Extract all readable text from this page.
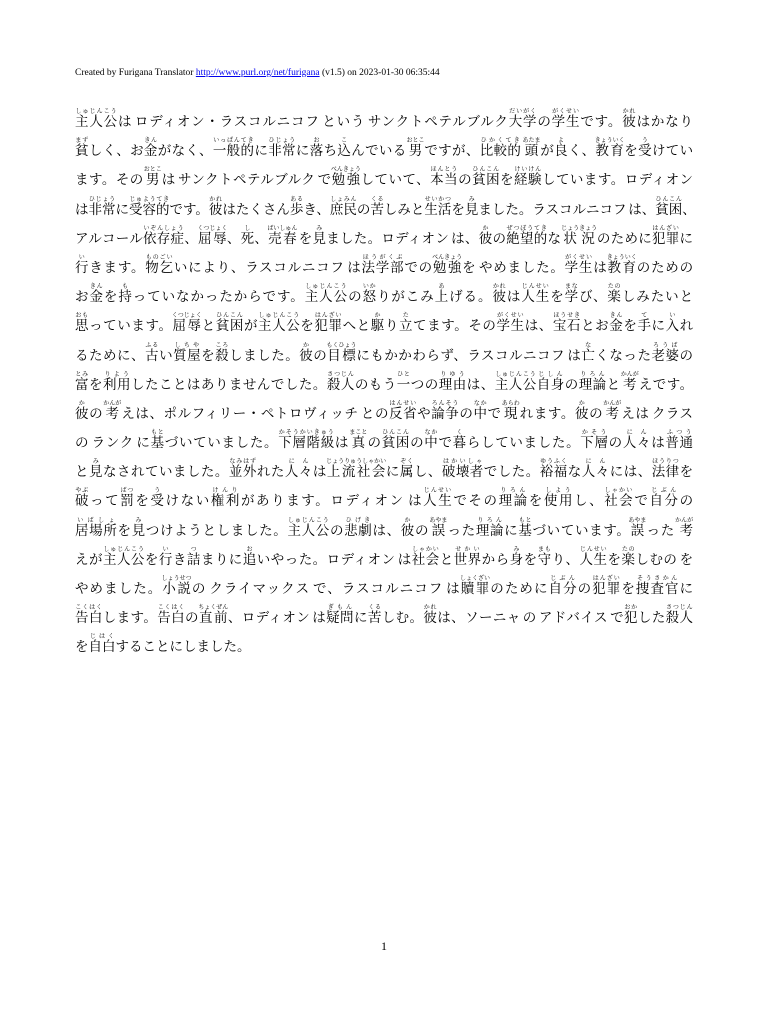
Created by Furigana Translator http://www.purl.org/net/furigana (v1.5) on 2023-01-30 06:35:44
主人公しゅじんこうは ロディオン・ラスコルニコフ という サンクトペテルブルク大学だいがくの学生がくせいです。彼かれはかなり
貧まずしく、お金きんがなく、一般的いっぱんてきに非常ひじょうに落おち込こんでいる 男おとこ ですが、比較的ひかくてき 頭あたま が良よく、教育きょういくを受うけてい
ます。その 男おとこ は サンクトペテルブルク で勉強べんきょうしていて、本当ほんとうの貧困ひんこんを経験けいけんしています。ロディオン
は非常ひじょうに受容的じゅようてきです。彼かれはたくさん歩あるき、庶民しょみんの苦くるしみと生活せいかつを見みました。ラスコルニコフ は、貧困ひんこん、
アルコール依存症いぞんしょう、屈辱くつじょく、死し、売春ばいしゅん を見みました。ロディオン は、彼かの絶望的ぜつぼうてきな 状況じょうきょう のために犯罪はんざいに
行いきます。物乞ものごいいにより、ラスコルニコフ は法学部ほうがくぶでの勉強べんきょうを やめました。学生がくせいは教育きょういくのための
お金きんを持もっていなかったからです。主人公しゅじんこうの怒いかりがこみ上あげる。彼かれは人生じんせいを学まなび、楽たのしみたいと
思おもっています。屈辱くつじょくと貧困ひんこんが主人公しゅじんこうを犯罪はんざいへと駆かり立たてます。その学生がくせいは、宝石ほうせきとお金きんを手てに入いれ
るために、古ふるい質屋しちやを殺ころしました。彼かの目標もくひょうにもかかわらず、ラスコルニコフ は亡なくなった老婆ろうばの
富とみを利用りようしたことはありませんでした。殺人さつじんのもう一ひとつの理由りゆうは、主人公しゅじんこう自身じしんの理論りろんと 考かんが えです。
彼かの 考かんが えは、ポルフィリー・ペトロヴィッチ との反省はんせいや論争ろんそうの中なかで 現あらわ れます。彼かの 考かんが えは クラス
の ランク に基もとづいていました。下層階級かそうかいきゅうは 真まこと の貧困ひんこんの中なかで暮くらしていました。下層かそうの人々にんは普通ふつう
と見みなされていました。並外なみはずれた人々にんは上流社会じょうりゅうしゃかいに属ぞくし、破壊者はかいしゃでした。裕福ゆうふくな人々にんには、法律ほうりつを
破やぶって罰ばつを受うけない権利けんりがあります。ロディオン は人生じんせいでその理論りろんを使用しようし、社会しゃかいで自分じぶんの
居場所いばしょを見みつけようとしました。主人公しゅじんこうの悲劇ひげきは、彼かの 誤あやま った理論りろんに基もとづいています。誤あやま った 考かんが
えが主人公しゅじんこうを行いき詰つまりに追おいやった。ロディオン は社会しゃかいと世界せかいから身みを守まもり、人生じんせいを楽たのしむの を
やめました。小説しょうせつの クライマックス で、ラスコルニコフ は贖罪しょくざいのために自分じぶんの犯罪はんざいを捜査官そうさかんに
告白こくはくします。告白こくはくの直前ちょくぜん、ロディオン は疑問ぎもんに苦くるしむ。彼かれは、ソーニャ の アドバイス で犯おかした殺人さつじん
を自白じはくすることにしました。
1
